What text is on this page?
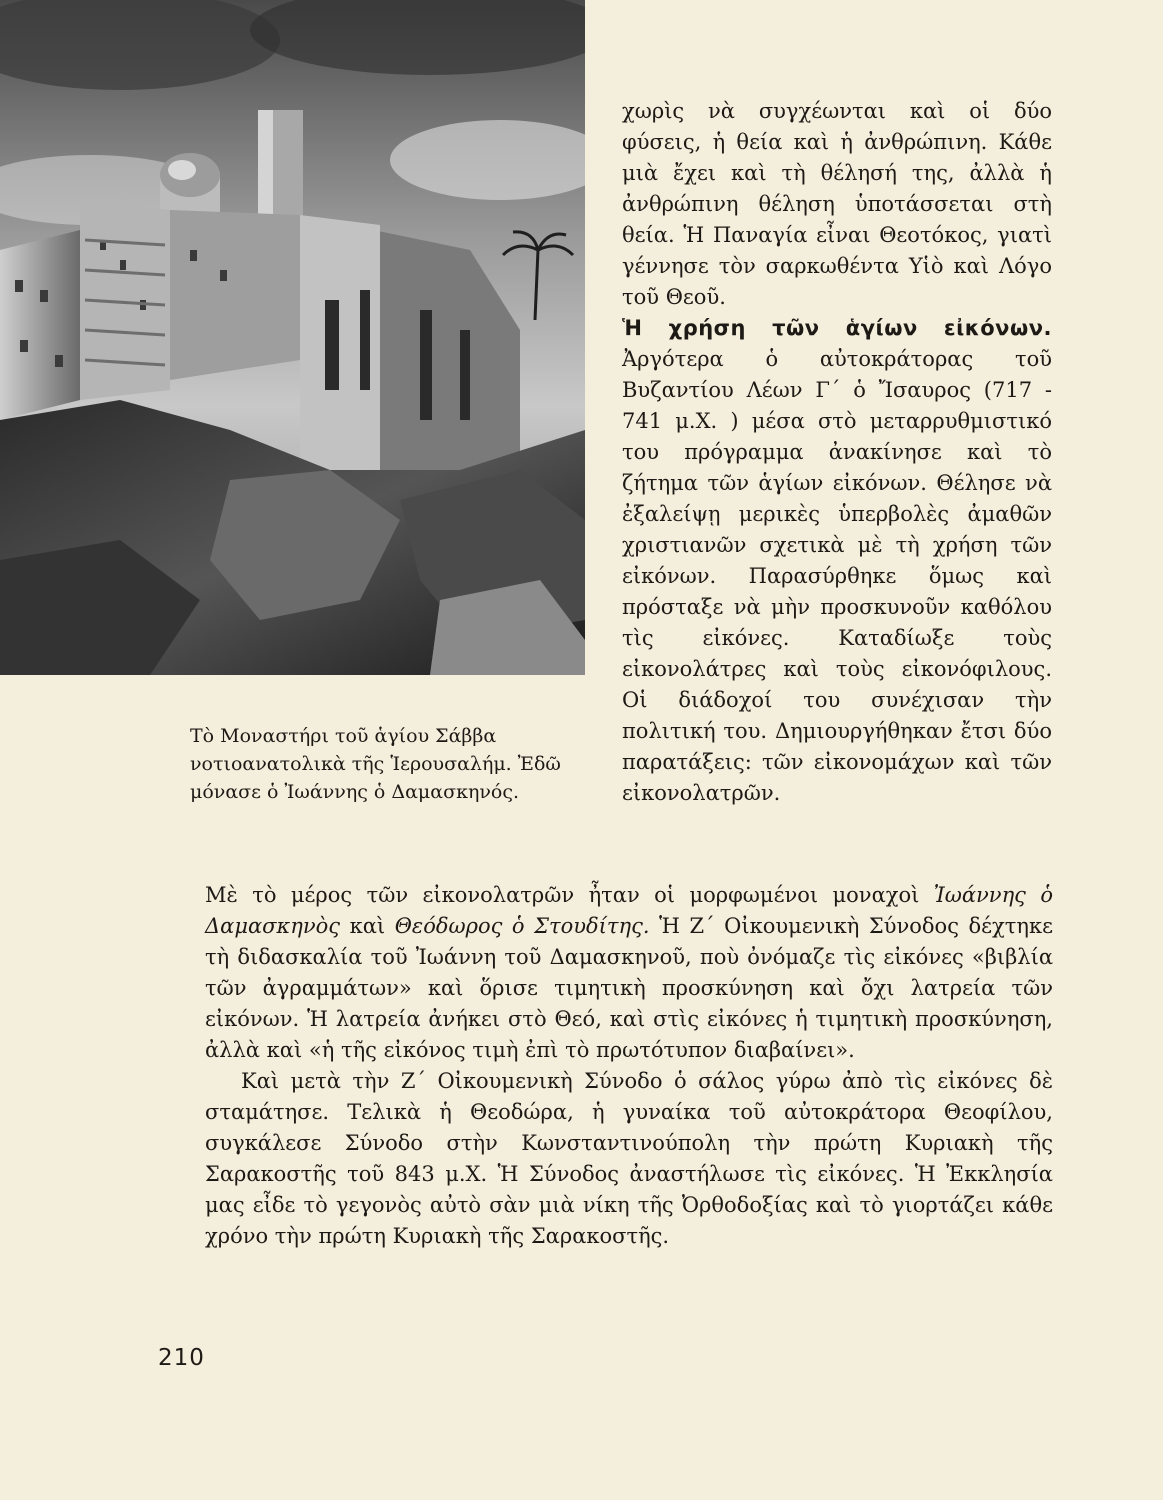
Τὸ Μοναστήρι τοῦ ἁγίου Σάββα νοτιοανατολικὰ τῆς Ἱερουσαλήμ. Ἐδῶ μόνασε ὁ Ἰωάννης ὁ Δαμασκηνός.

χωρὶς νὰ συγχέωνται καὶ οἱ δύο φύσεις, ἡ θεία καὶ ἡ ἀνθρώπινη. Κάθε μιὰ ἔχει καὶ τὴ θέλησή της, ἀλλὰ ἡ ἀνθρώπινη θέληση ὑποτάσσεται στὴ θεία. Ἡ Παναγία εἶναι Θεοτόκος, γιατὶ γέννησε τὸν σαρκωθέντα Υἱὸ καὶ Λόγο τοῦ Θεοῦ.

Ἡ χρήση τῶν ἁγίων εἰκόνων. Ἀργότερα ὁ αὐτοκράτορας τοῦ Βυζαντίου Λέων Γ΄ ὁ Ἴσαυρος (717 - 741 μ.Χ. ) μέσα στὸ μεταρρυθμιστικό του πρόγραμμα ἀνακίνησε καὶ τὸ ζήτημα τῶν ἁγίων εἰκόνων. Θέλησε νὰ ἐξαλείψῃ μερικὲς ὑπερβολὲς ἀμαθῶν χριστιανῶν σχετικὰ μὲ τὴ χρήση τῶν εἰκόνων. Παρασύρθηκε ὅμως καὶ πρόσταξε νὰ μὴν προσκυνοῦν καθόλου τὶς εἰκόνες. Καταδίωξε τοὺς εἰκονολάτρες καὶ τοὺς εἰκονόφιλους. Οἱ διάδοχοί του συνέχισαν τὴν πολιτική του. Δημιουργήθηκαν ἔτσι δύο παρατάξεις: τῶν εἰκονομάχων καὶ τῶν εἰκονολατρῶν.

Μὲ τὸ μέρος τῶν εἰκονολατρῶν ἦταν οἱ μορφωμένοι μοναχοὶ Ἰωάννης ὁ Δαμασκηνὸς καὶ Θεόδωρος ὁ Στουδίτης. Ἡ Ζ΄ Οἰκουμενικὴ Σύνοδος δέχτηκε τὴ διδασκαλία τοῦ Ἰωάννη τοῦ Δαμασκηνοῦ, ποὺ ὀνόμαζε τὶς εἰκόνες «βιβλία τῶν ἀγραμμάτων» καὶ ὅρισε τιμητικὴ προσκύνηση καὶ ὄχι λατρεία τῶν εἰκόνων. Ἡ λατρεία ἀνήκει στὸ Θεό, καὶ στὶς εἰκόνες ἡ τιμητικὴ προσκύνηση, ἀλλὰ καὶ «ἡ τῆς εἰκόνος τιμὴ ἐπὶ τὸ πρωτότυπον διαβαίνει».

Καὶ μετὰ τὴν Ζ΄ Οἰκουμενικὴ Σύνοδο ὁ σάλος γύρω ἀπὸ τὶς εἰκόνες δὲ σταμάτησε. Τελικὰ ἡ Θεοδώρα, ἡ γυναίκα τοῦ αὐτοκράτορα Θεοφίλου, συγκάλεσε Σύνοδο στὴν Κωνσταντινούπολη τὴν πρώτη Κυριακὴ τῆς Σαρακοστῆς τοῦ 843 μ.Χ. Ἡ Σύνοδος ἀναστήλωσε τὶς εἰκόνες. Ἡ Ἐκκλησία μας εἶδε τὸ γεγονὸς αὐτὸ σὰν μιὰ νίκη τῆς Ὀρθοδοξίας καὶ τὸ γιορτάζει κάθε χρόνο τὴν πρώτη Κυριακὴ τῆς Σαρακοστῆς.

210
